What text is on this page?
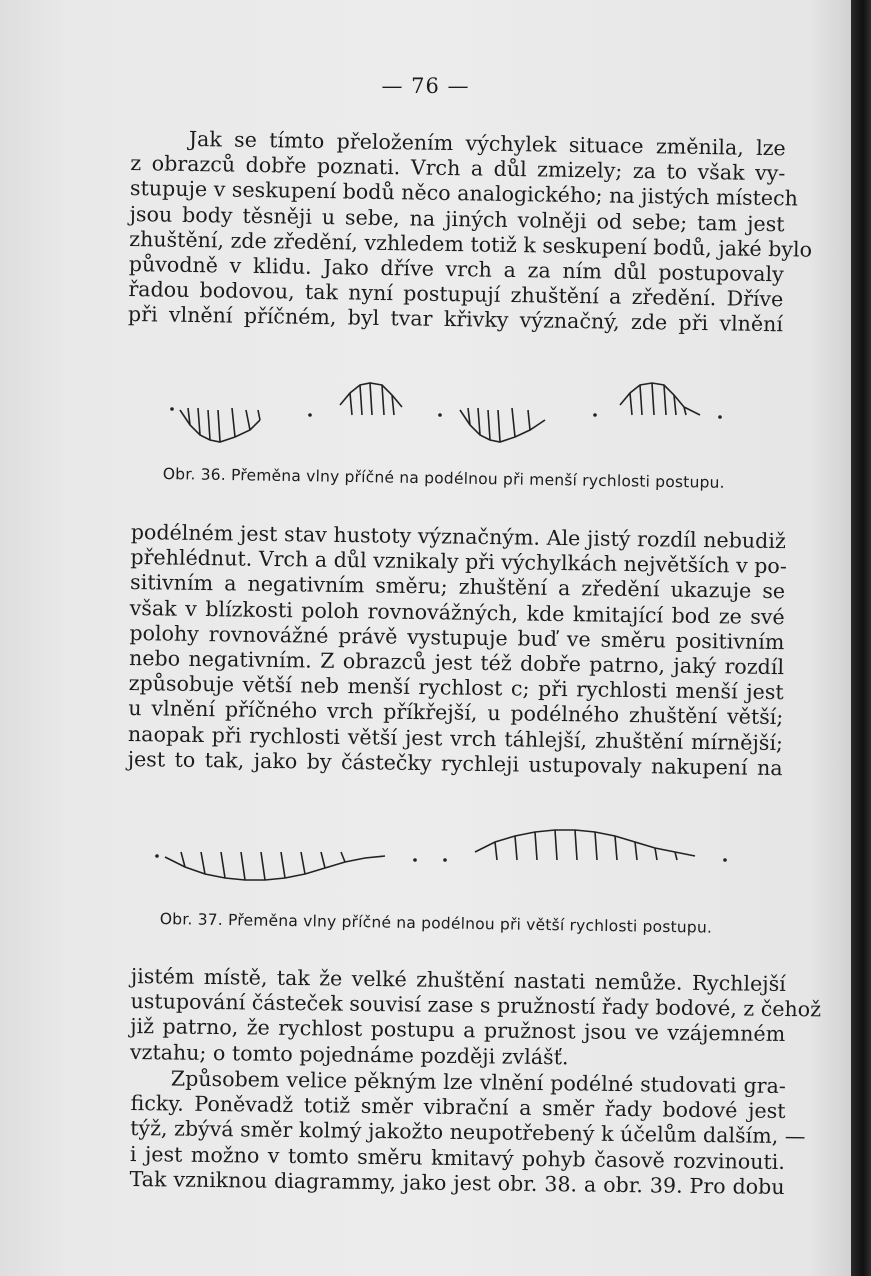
— 76 —
Jak se tímto přeložením výchylek situace změnila, lze
z obrazců dobře poznati. Vrch a důl zmizely; za to však vy-
stupuje v seskupení bodů něco analogického; na jistých místech
jsou body těsněji u sebe, na jiných volněji od sebe; tam jest
zhuštění, zde zředění, vzhledem totiž k seskupení bodů, jaké bylo
původně v klidu. Jako dříve vrch a za ním důl postupovaly
řadou bodovou, tak nyní postupují zhuštění a zředění. Dříve
při vlnění příčném, byl tvar křivky význačný, zde při vlnění
Obr. 36. Přeměna vlny příčné na podélnou při menší rychlosti postupu.
podélném jest stav hustoty význačným. Ale jistý rozdíl nebudiž
přehlédnut. Vrch a důl vznikaly při výchylkách největších v po-
sitivním a negativním směru; zhuštění a zředění ukazuje se
však v blízkosti poloh rovnovážných, kde kmitající bod ze své
polohy rovnovážné právě vystupuje buď ve směru positivním
nebo negativním. Z obrazců jest též dobře patrno, jaký rozdíl
způsobuje větší neb menší rychlost c; při rychlosti menší jest
u vlnění příčného vrch příkřejší, u podélného zhuštění větší;
naopak při rychlosti větší jest vrch táhlejší, zhuštění mírnější;
jest to tak, jako by částečky rychleji ustupovaly nakupení na
Obr. 37. Přeměna vlny příčné na podélnou při větší rychlosti postupu.
jistém místě, tak že velké zhuštění nastati nemůže. Rychlejší
ustupování částeček souvisí zase s pružností řady bodové, z čehož
již patrno, že rychlost postupu a pružnost jsou ve vzájemném
vztahu; o tomto pojednáme později zvlášť.
Způsobem velice pěkným lze vlnění podélné studovati gra-
ficky. Poněvadž totiž směr vibrační a směr řady bodové jest
týž, zbývá směr kolmý jakožto neupotřebený k účelům dalším, —
i jest možno v tomto směru kmitavý pohyb časově rozvinouti.
Tak vzniknou diagrammy, jako jest obr. 38. a obr. 39. Pro dobu
